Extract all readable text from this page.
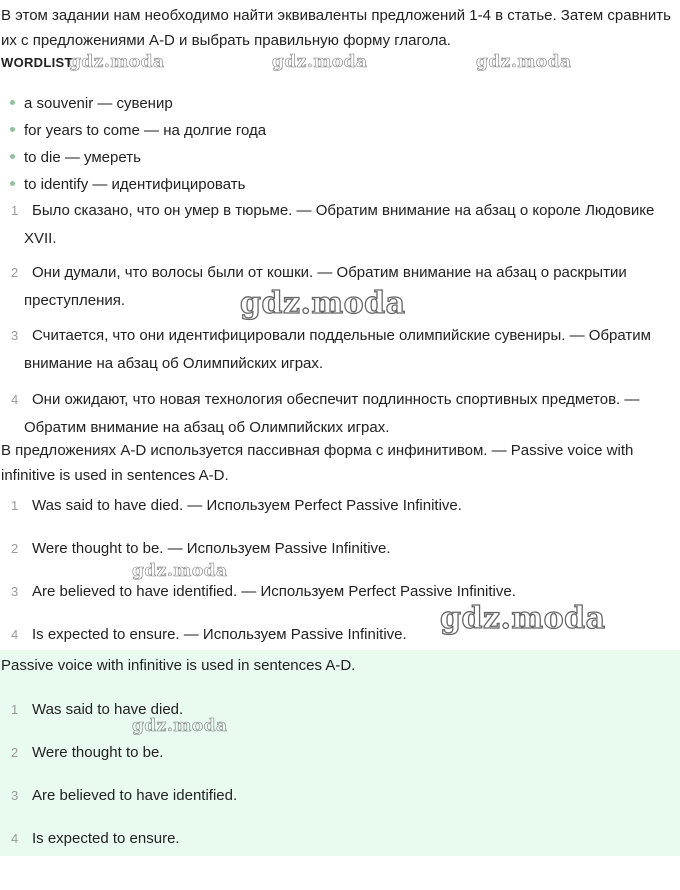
В этом задании нам необходимо найти эквиваленты предложений 1-4 в статье. Затем сравнить их с предложениями A-D и выбрать правильную форму глагола.

WORDLIST
gdz.moda	gdz.moda	gdz.moda
a souvenir — сувенир
for years to come — на долгие года
to die — умереть
to identify — идентифицировать
1 Было сказано, что он умер в тюрьме. — Обратим внимание на абзац о короле Людовике XVII.
2 Они думали, что волосы были от кошки. — Обратим внимание на абзац о раскрытии преступления.
3 Считается, что они идентифицировали поддельные олимпийские сувениры. — Обратим внимание на абзац об Олимпийских играх.
4 Они ожидают, что новая технология обеспечит подлинность спортивных предметов. — Обратим внимание на абзац об Олимпийских играх.
gdz.moda

В предложениях A-D используется пассивная форма с инфинитивом. — Passive voice with infinitive is used in sentences A-D.

1 Was said to have died. — Используем Perfect Passive Infinitive.
2 Were thought to be. — Используем Passive Infinitive.
3 Are believed to have identified. — Используем Perfect Passive Infinitive.
4 Is expected to ensure. — Используем Passive Infinitive.
gdz.moda
gdz.moda

Passive voice with infinitive is used in sentences A-D.

1 Was said to have died.
2 Were thought to be.
3 Are believed to have identified.
4 Is expected to ensure.
gdz.moda
